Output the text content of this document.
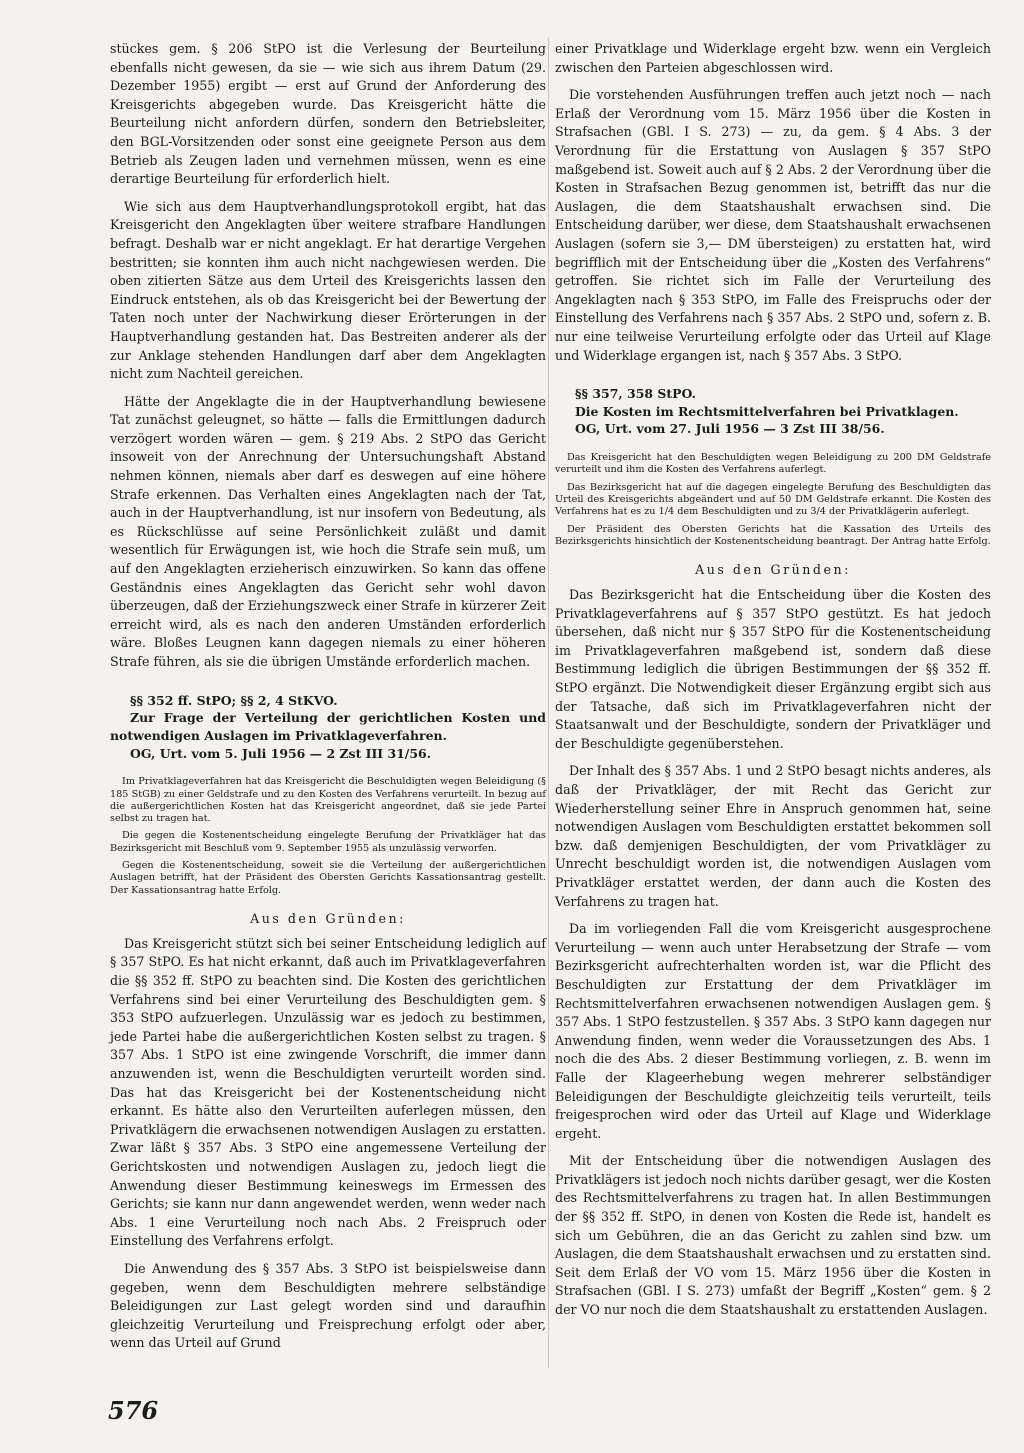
stückes gem. § 206 StPO ist die Verlesung der Beurteilung ebenfalls nicht gewesen, da sie — wie sich aus ihrem Datum (29. Dezember 1955) ergibt — erst auf Grund der Anforderung des Kreisgerichts abgegeben wurde. Das Kreisgericht hätte die Beurteilung nicht anfordern dürfen, sondern den Betriebsleiter, den BGL-Vorsitzenden oder sonst eine geeignete Person aus dem Betrieb als Zeugen laden und vernehmen müssen, wenn es eine derartige Beurteilung für erforderlich hielt.

Wie sich aus dem Hauptverhandlungsprotokoll ergibt, hat das Kreisgericht den Angeklagten über weitere strafbare Handlungen befragt. Deshalb war er nicht angeklagt. Er hat derartige Vergehen bestritten; sie konnten ihm auch nicht nachgewiesen werden. Die oben zitierten Sätze aus dem Urteil des Kreisgerichts lassen den Eindruck entstehen, als ob das Kreisgericht bei der Bewertung der Taten noch unter der Nachwirkung dieser Erörterungen in der Hauptverhandlung gestanden hat. Das Bestreiten anderer als der zur Anklage stehenden Handlungen darf aber dem Angeklagten nicht zum Nachteil gereichen.

Hätte der Angeklagte die in der Hauptverhandlung bewiesene Tat zunächst geleugnet, so hätte — falls die Ermittlungen dadurch verzögert worden wären — gem. § 219 Abs. 2 StPO das Gericht insoweit von der Anrechnung der Untersuchungshaft Abstand nehmen können, niemals aber darf es deswegen auf eine höhere Strafe erkennen. Das Verhalten eines Angeklagten nach der Tat, auch in der Hauptverhandlung, ist nur insofern von Bedeutung, als es Rückschlüsse auf seine Persönlichkeit zuläßt und damit wesentlich für Erwägungen ist, wie hoch die Strafe sein muß, um auf den Angeklagten erzieherisch einzuwirken. So kann das offene Geständnis eines Angeklagten das Gericht sehr wohl davon überzeugen, daß der Erziehungszweck einer Strafe in kürzerer Zeit erreicht wird, als es nach den anderen Umständen erforderlich wäre. Bloßes Leugnen kann dagegen niemals zu einer höheren Strafe führen, als sie die übrigen Umstände erforderlich machen.

§§ 352 ff. StPO; §§ 2, 4 StKVO.

Zur Frage der Verteilung der gerichtlichen Kosten und notwendigen Auslagen im Privatklageverfahren.

OG, Urt. vom 5. Juli 1956 — 2 Zst III 31/56.

Im Privatklageverfahren hat das Kreisgericht die Beschuldigten wegen Beleidigung (§ 185 StGB) zu einer Geldstrafe und zu den Kosten des Verfahrens verurteilt. In bezug auf die außergerichtlichen Kosten hat das Kreisgericht angeordnet, daß sie jede Partei selbst zu tragen hat.

Die gegen die Kostenentscheidung eingelegte Berufung der Privatkläger hat das Bezirksgericht mit Beschluß vom 9. September 1955 als unzulässig verworfen.

Gegen die Kostenentscheidung, soweit sie die Verteilung der außergerichtlichen Auslagen betrifft, hat der Präsident des Obersten Gerichts Kassationsantrag gestellt. Der Kassationsantrag hatte Erfolg.

Aus den Gründen:

Das Kreisgericht stützt sich bei seiner Entscheidung lediglich auf § 357 StPO. Es hat nicht erkannt, daß auch im Privatklageverfahren die §§ 352 ff. StPO zu beachten sind. Die Kosten des gerichtlichen Verfahrens sind bei einer Verurteilung des Beschuldigten gem. § 353 StPO aufzuerlegen. Unzulässig war es jedoch zu bestimmen, jede Partei habe die außergerichtlichen Kosten selbst zu tragen. § 357 Abs. 1 StPO ist eine zwingende Vorschrift, die immer dann anzuwenden ist, wenn die Beschuldigten verurteilt worden sind. Das hat das Kreisgericht bei der Kostenentscheidung nicht erkannt. Es hätte also den Verurteilten auferlegen müssen, den Privatklägern die erwachsenen notwendigen Auslagen zu erstatten. Zwar läßt § 357 Abs. 3 StPO eine angemessene Verteilung der Gerichtskosten und notwendigen Auslagen zu, jedoch liegt die Anwendung dieser Bestimmung keineswegs im Ermessen des Gerichts; sie kann nur dann angewendet werden, wenn weder nach Abs. 1 eine Verurteilung noch nach Abs. 2 Freispruch oder Einstellung des Verfahrens erfolgt.

Die Anwendung des § 357 Abs. 3 StPO ist beispielsweise dann gegeben, wenn dem Beschuldigten mehrere selbständige Beleidigungen zur Last gelegt worden sind und daraufhin gleichzeitig Verurteilung und Freisprechung erfolgt oder aber, wenn das Urteil auf Grund

einer Privatklage und Widerklage ergeht bzw. wenn ein Vergleich zwischen den Parteien abgeschlossen wird.

Die vorstehenden Ausführungen treffen auch jetzt noch — nach Erlaß der Verordnung vom 15. März 1956 über die Kosten in Strafsachen (GBl. I S. 273) — zu, da gem. § 4 Abs. 3 der Verordnung für die Erstattung von Auslagen § 357 StPO maßgebend ist. Soweit auch auf § 2 Abs. 2 der Verordnung über die Kosten in Strafsachen Bezug genommen ist, betrifft das nur die Auslagen, die dem Staatshaushalt erwachsen sind. Die Entscheidung darüber, wer diese, dem Staatshaushalt erwachsenen Auslagen (sofern sie 3,— DM übersteigen) zu erstatten hat, wird begrifflich mit der Entscheidung über die „Kosten des Verfahrens“ getroffen. Sie richtet sich im Falle der Verurteilung des Angeklagten nach § 353 StPO, im Falle des Freispruchs oder der Einstellung des Verfahrens nach § 357 Abs. 2 StPO und, sofern z. B. nur eine teilweise Verurteilung erfolgte oder das Urteil auf Klage und Widerklage ergangen ist, nach § 357 Abs. 3 StPO.

§§ 357, 358 StPO.

Die Kosten im Rechtsmittelverfahren bei Privatklagen.

OG, Urt. vom 27. Juli 1956 — 3 Zst III 38/56.

Das Kreisgericht hat den Beschuldigten wegen Beleidigung zu 200 DM Geldstrafe verurteilt und ihm die Kosten des Verfahrens auferlegt.

Das Bezirksgericht hat auf die dagegen eingelegte Berufung des Beschuldigten das Urteil des Kreisgerichts abgeändert und auf 50 DM Geldstrafe erkannt. Die Kosten des Verfahrens hat es zu 1/4 dem Beschuldigten und zu 3/4 der Privatklägerin auferlegt.

Der Präsident des Obersten Gerichts hat die Kassation des Urteils des Bezirksgerichts hinsichtlich der Kostenentscheidung beantragt. Der Antrag hatte Erfolg.

Aus den Gründen:

Das Bezirksgericht hat die Entscheidung über die Kosten des Privatklageverfahrens auf § 357 StPO gestützt. Es hat jedoch übersehen, daß nicht nur § 357 StPO für die Kostenentscheidung im Privatklageverfahren maßgebend ist, sondern daß diese Bestimmung lediglich die übrigen Bestimmungen der §§ 352 ff. StPO ergänzt. Die Notwendigkeit dieser Ergänzung ergibt sich aus der Tatsache, daß sich im Privatklageverfahren nicht der Staatsanwalt und der Beschuldigte, sondern der Privatkläger und der Beschuldigte gegenüberstehen.

Der Inhalt des § 357 Abs. 1 und 2 StPO besagt nichts anderes, als daß der Privatkläger, der mit Recht das Gericht zur Wiederherstellung seiner Ehre in Anspruch genommen hat, seine notwendigen Auslagen vom Beschuldigten erstattet bekommen soll bzw. daß demjenigen Beschuldigten, der vom Privatkläger zu Unrecht beschuldigt worden ist, die notwendigen Auslagen vom Privatkläger erstattet werden, der dann auch die Kosten des Verfahrens zu tragen hat.

Da im vorliegenden Fall die vom Kreisgericht ausgesprochene Verurteilung — wenn auch unter Herabsetzung der Strafe — vom Bezirksgericht aufrechterhalten worden ist, war die Pflicht des Beschuldigten zur Erstattung der dem Privatkläger im Rechtsmittelverfahren erwachsenen notwendigen Auslagen gem. § 357 Abs. 1 StPO festzustellen. § 357 Abs. 3 StPO kann dagegen nur Anwendung finden, wenn weder die Voraussetzungen des Abs. 1 noch die des Abs. 2 dieser Bestimmung vorliegen, z. B. wenn im Falle der Klageerhebung wegen mehrerer selbständiger Beleidigungen der Beschuldigte gleichzeitig teils verurteilt, teils freigesprochen wird oder das Urteil auf Klage und Widerklage ergeht.

Mit der Entscheidung über die notwendigen Auslagen des Privatklägers ist jedoch noch nichts darüber gesagt, wer die Kosten des Rechtsmittelverfahrens zu tragen hat. In allen Bestimmungen der §§ 352 ff. StPO, in denen von Kosten die Rede ist, handelt es sich um Gebühren, die an das Gericht zu zahlen sind bzw. um Auslagen, die dem Staatshaushalt erwachsen und zu erstatten sind. Seit dem Erlaß der VO vom 15. März 1956 über die Kosten in Strafsachen (GBl. I S. 273) umfaßt der Begriff „Kosten“ gem. § 2 der VO nur noch die dem Staatshaushalt zu erstattenden Auslagen.

576
